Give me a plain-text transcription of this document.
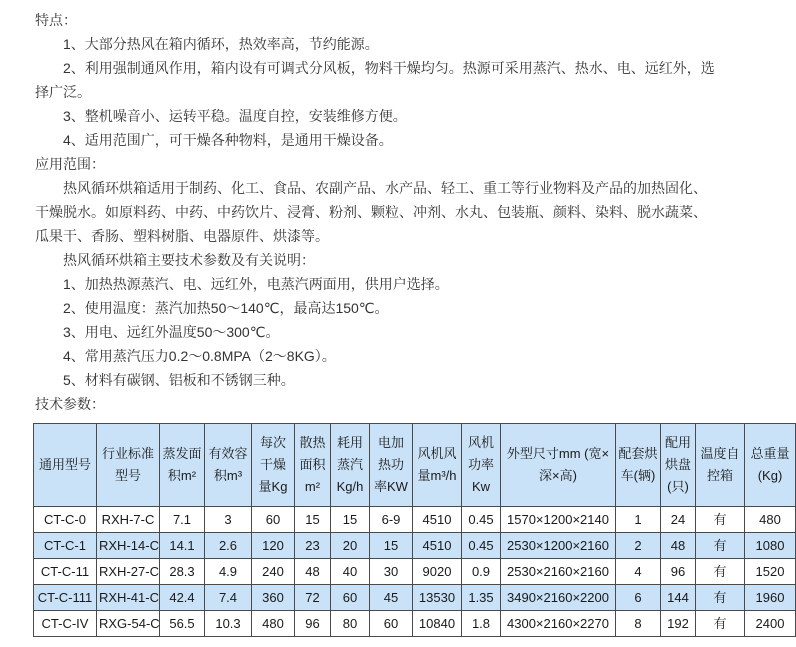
特点：

1、大部分热风在箱内循环，热效率高，节约能源。

2、利用强制通风作用，箱内设有可调式分风板，物料干燥均匀。热源可采用蒸汽、热水、电、远红外，选择广泛。

3、整机噪音小、运转平稳。温度自控，安装维修方便。

4、适用范围广，可干燥各种物料，是通用干燥设备。

应用范围：

热风循环烘箱适用于制药、化工、食品、农副产品、水产品、轻工、重工等行业物料及产品的加热固化、干燥脱水。如原料药、中药、中药饮片、浸膏、粉剂、颗粒、冲剂、水丸、包装瓶、颜料、染料、脱水蔬菜、瓜果干、香肠、塑料树脂、电器原件、烘漆等。

热风循环烘箱主要技术参数及有关说明：

1、加热热源蒸汽、电、远红外，电蒸汽两面用，供用户选择。

2、使用温度：蒸汽加热50～140℃，最高达150℃。

3、用电、远红外温度50～300℃。

4、常用蒸汽压力0.2～0.8MPA（2～8KG）。

5、材料有碳钢、铝板和不锈钢三种。

技术参数：

通用型号	行业标准型号	蒸发面积m²	有效容积m³	每次干燥量Kg	散热面积m²	耗用蒸汽Kg/h	电加热功率KW	风机风量m³/h	风机功率Kw	外型尺寸mm (宽×深×高)	配套烘车(辆)	配用烘盘(只)	温度自控箱	总重量(Kg)
CT-C-0	RXH-7-C	7.1	3	60	15	15	6-9	4510	0.45	1570×1200×2140	1	24	有	480
CT-C-1	RXH-14-C	14.1	2.6	120	23	20	15	4510	0.45	2530×1200×2160	2	48	有	1080
CT-C-11	RXH-27-C	28.3	4.9	240	48	40	30	9020	0.9	2530×2160×2160	4	96	有	1520
CT-C-111	RXH-41-C	42.4	7.4	360	72	60	45	13530	1.35	3490×2160×2200	6	144	有	1960
CT-C-IV	RXG-54-C	56.5	10.3	480	96	80	60	10840	1.8	4300×2160×2270	8	192	有	2400
